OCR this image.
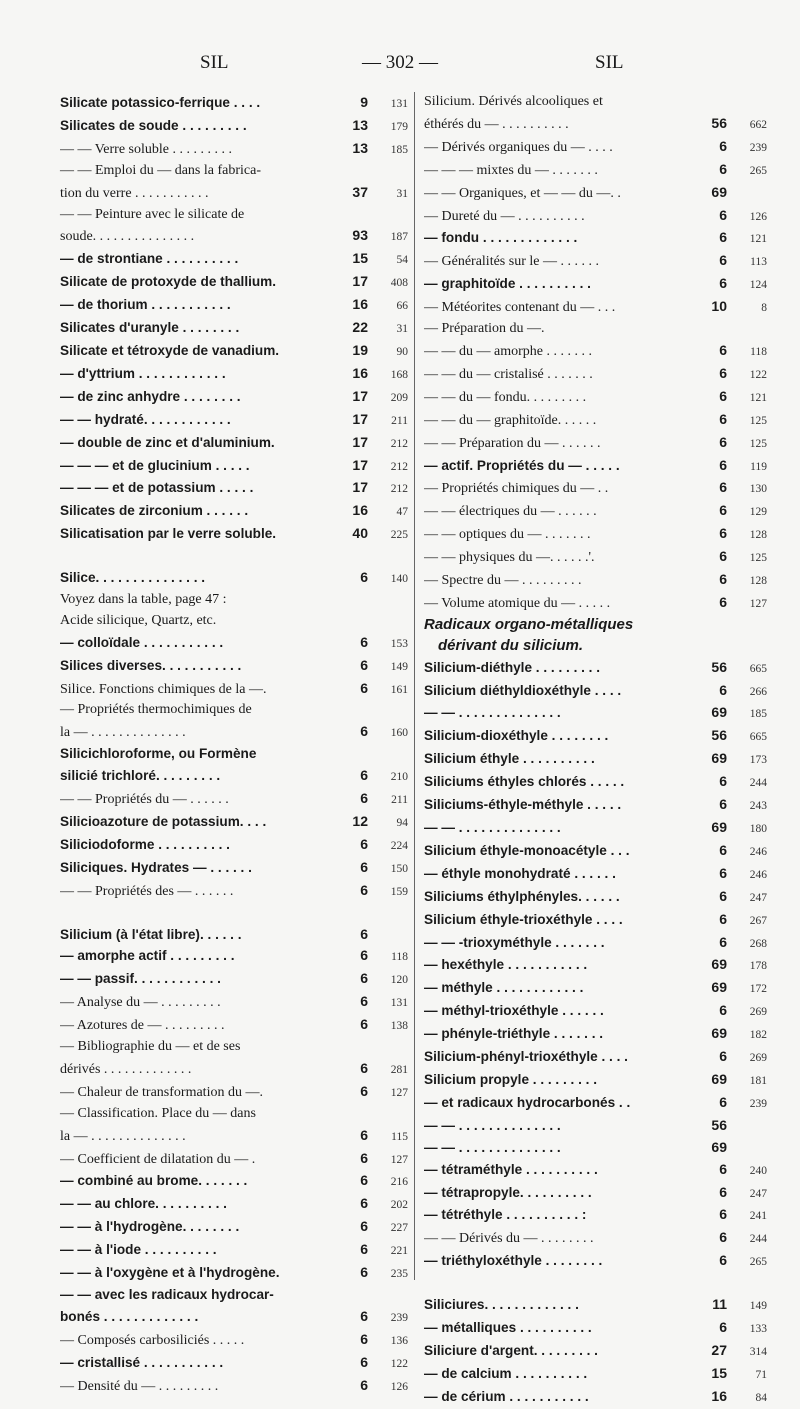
SIL	— 302 —	SIL
Silicate potassico-ferrique . . . .	9	131
Silicates de soude . . . . . . . . .	13	179
— — Verre soluble . . . . . . . . .	13	185
— — Emploi du — dans la fabrica-
tion du verre . . . . . . . . . . .	37	31
— — Peinture avec le silicate de
soude. . . . . . . . . . . . . . .	93	187
— de strontiane . . . . . . . . . .	15	54
Silicate de protoxyde de thallium.	17	408
— de thorium . . . . . . . . . . .	16	66
Silicates d'uranyle . . . . . . . .	22	31
Silicate et tétroxyde de vanadium.	19	90
— d'yttrium . . . . . . . . . . . .	16	168
— de zinc anhydre . . . . . . . .	17	209
— — hydraté. . . . . . . . . . . .	17	211
— double de zinc et d'aluminium.	17	212
— — — et de glucinium . . . . .	17	212
— — — et de potassium . . . . .	17	212
Silicates de zirconium . . . . . .	16	47
Silicatisation par le verre soluble.	40	225
Silice. . . . . . . . . . . . . . .	6	140
Voyez dans la table, page 47 :
Acide silicique, Quartz, etc.
— colloïdale . . . . . . . . . . .	6	153
Silices diverses. . . . . . . . . . .	6	149
Silice. Fonctions chimiques de la —.	6	161
— Propriétés thermochimiques de
la — . . . . . . . . . . . . . .	6	160
Silicichloroforme, ou Formène
silicié trichloré. . . . . . . . .	6	210
— — Propriétés du — . . . . . .	6	211
Silicioazoture de potassium. . . .	12	94
Siliciodoforme . . . . . . . . . .	6	224
Siliciques. Hydrates — . . . . . .	6	150
— — Propriétés des — . . . . . .	6	159
Silicium (à l'état libre). . . . . .	6
— amorphe actif . . . . . . . . .	6	118
— — passif. . . . . . . . . . . .	6	120
— Analyse du — . . . . . . . . .	6	131
— Azotures de — . . . . . . . . .	6	138
— Bibliographie du — et de ses
dérivés . . . . . . . . . . . . .	6	281
— Chaleur de transformation du —.	6	127
— Classification. Place du — dans
la — . . . . . . . . . . . . . .	6	115
— Coefficient de dilatation du — .	6	127
— combiné au brome. . . . . . .	6	216
— — au chlore. . . . . . . . . .	6	202
— — à l'hydrogène. . . . . . . .	6	227
— — à l'iode . . . . . . . . . .	6	221
— — à l'oxygène et à l'hydrogène.	6	235
— — avec les radicaux hydrocar-
bonés . . . . . . . . . . . . .	6	239
— Composés carbosiliciés . . . . .	6	136
— cristallisé . . . . . . . . . . .	6	122
— Densité du — . . . . . . . . .	6	126
Silicium. Dérivés alcooliques et
éthérés du — . . . . . . . . . .	56	662
— Dérivés organiques du — . . . .	6	239
— — — mixtes du — . . . . . . .	6	265
— — Organiques, et — — du —. .	69
— Dureté du — . . . . . . . . . .	6	126
— fondu . . . . . . . . . . . . .	6	121
— Généralités sur le — . . . . . .	6	113
— graphitoïde . . . . . . . . . .	6	124
— Météorites contenant du — . . .	10	8
— Préparation du —.
— — du — amorphe . . . . . . .	6	118
— — du — cristalisé . . . . . . .	6	122
— — du — fondu. . . . . . . . .	6	121
— — du — graphitoïde. . . . . .	6	125
— — Préparation du — . . . . . .	6	125
— actif. Propriétés du — . . . . .	6	119
— Propriétés chimiques du — . .	6	130
— — électriques du — . . . . . .	6	129
— — optiques du — . . . . . . .	6	128
— — physiques du —. . . . . .'.	6	125
— Spectre du — . . . . . . . . .	6	128
— Volume atomique du — . . . . .	6	127
Radicaux organo-métalliques
dérivant du silicium.
Silicium-diéthyle . . . . . . . . .	56	665
Silicium diéthyldioxéthyle . . . .	6	266
— — . . . . . . . . . . . . . .	69	185
Silicium-dioxéthyle . . . . . . . .	56	665
Silicium éthyle . . . . . . . . . .	69	173
Siliciums éthyles chlorés . . . . .	6	244
Siliciums-éthyle-méthyle . . . . .	6	243
— — . . . . . . . . . . . . . .	69	180
Silicium éthyle-monoacétyle . . .	6	246
— éthyle monohydraté . . . . . .	6	246
Siliciums éthylphényles. . . . . .	6	247
Silicium éthyle-trioxéthyle . . . .	6	267
— — -trioxyméthyle . . . . . . .	6	268
— hexéthyle . . . . . . . . . . .	69	178
— méthyle . . . . . . . . . . . .	69	172
— méthyl-trioxéthyle . . . . . .	6	269
— phényle-triéthyle . . . . . . .	69	182
Silicium-phényl-trioxéthyle . . . .	6	269
Silicium propyle . . . . . . . . .	69	181
— et radicaux hydrocarbonés . .	6	239
— — . . . . . . . . . . . . . .	56
— — . . . . . . . . . . . . . .	69
— tétraméthyle . . . . . . . . . .	6	240
— tétrapropyle. . . . . . . . . .	6	247
— tétréthyle . . . . . . . . . . :	6	241
— — Dérivés du — . . . . . . . .	6	244
— triéthyloxéthyle . . . . . . . .	6	265
Siliciures. . . . . . . . . . . . .	11	149
— métalliques . . . . . . . . . .	6	133
Siliciure d'argent. . . . . . . . .	27	314
— de calcium . . . . . . . . . .	15	71
— de cérium . . . . . . . . . . .	16	84
